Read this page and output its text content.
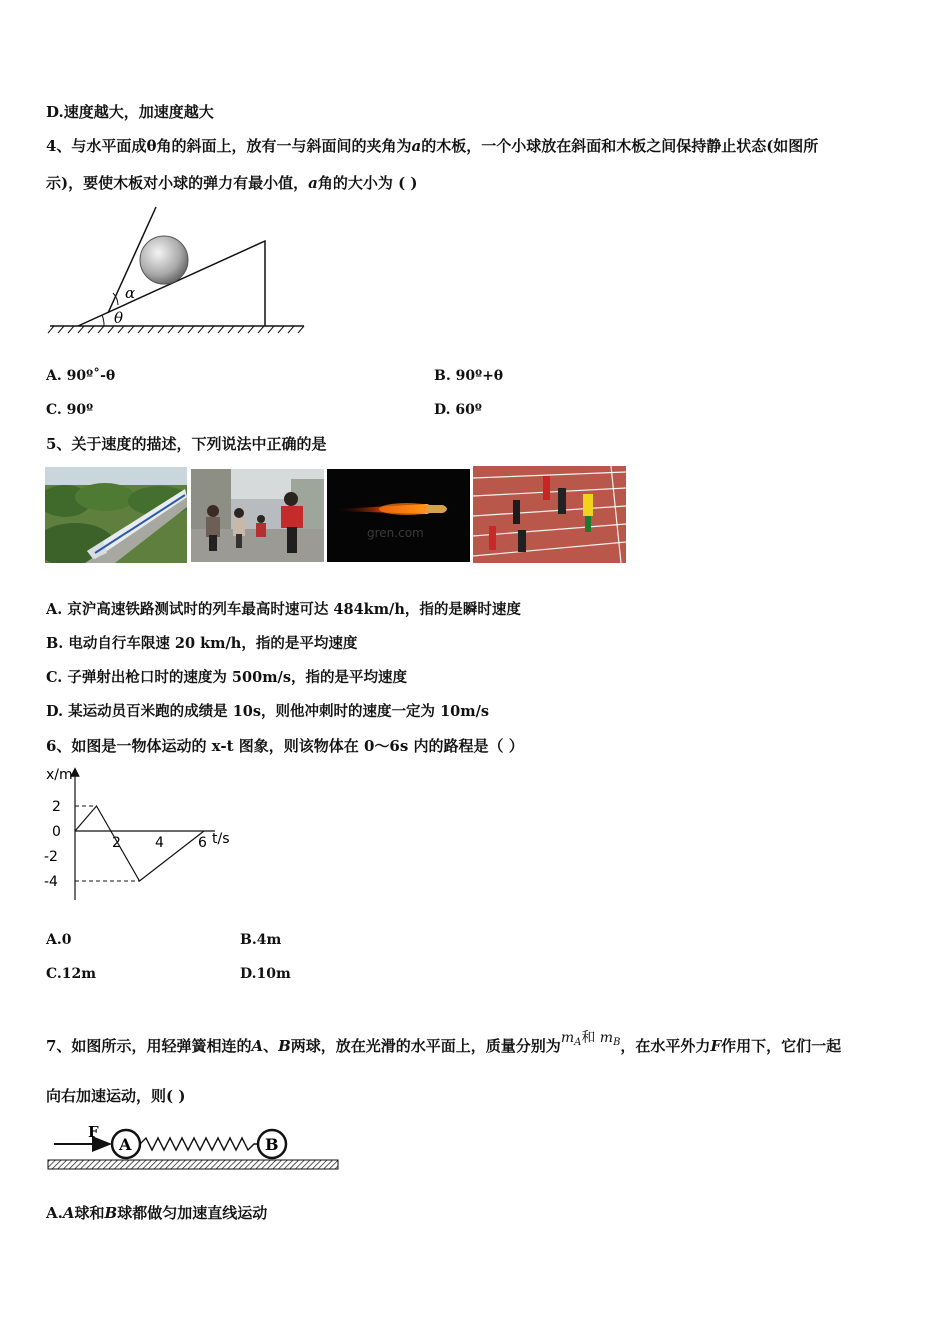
D.速度越大，加速度越大
4、与水平面成θ角的斜面上，放有一与斜面间的夹角为a的木板，一个小球放在斜面和木板之间保持静止状态(如图所
示)，要使木板对小球的弹力有最小值，a角的大小为 ( )
α
θ
A. 90º˚-θ	B. 90º+θ
C. 90º	D. 60º
5、关于速度的描述，下列说法中正确的是
gren.com
A. 京沪高速铁路测试时的列车最高时速可达 484km/h，指的是瞬时速度
B. 电动自行车限速 20 km/h，指的是平均速度
C. 子弹射出枪口时的速度为 500m/s，指的是平均速度
D. 某运动员百米跑的成绩是 10s，则他冲刺时的速度一定为 10m/s
6、如图是一物体运动的 x-t 图象，则该物体在 0～6s 内的路程是（ ）
x/m
t/s
2 4 6
2
0
-2
-4
A.0	B.4m
C.12m	D.10m
7、如图所示，用轻弹簧相连的A、B两球，放在光滑的水平面上，质量分别为$m_A$和 $m_B$，在水平外力F作用下，它们一起
向右加速运动，则( )
F
A	B
A.A球和B球都做匀加速直线运动
